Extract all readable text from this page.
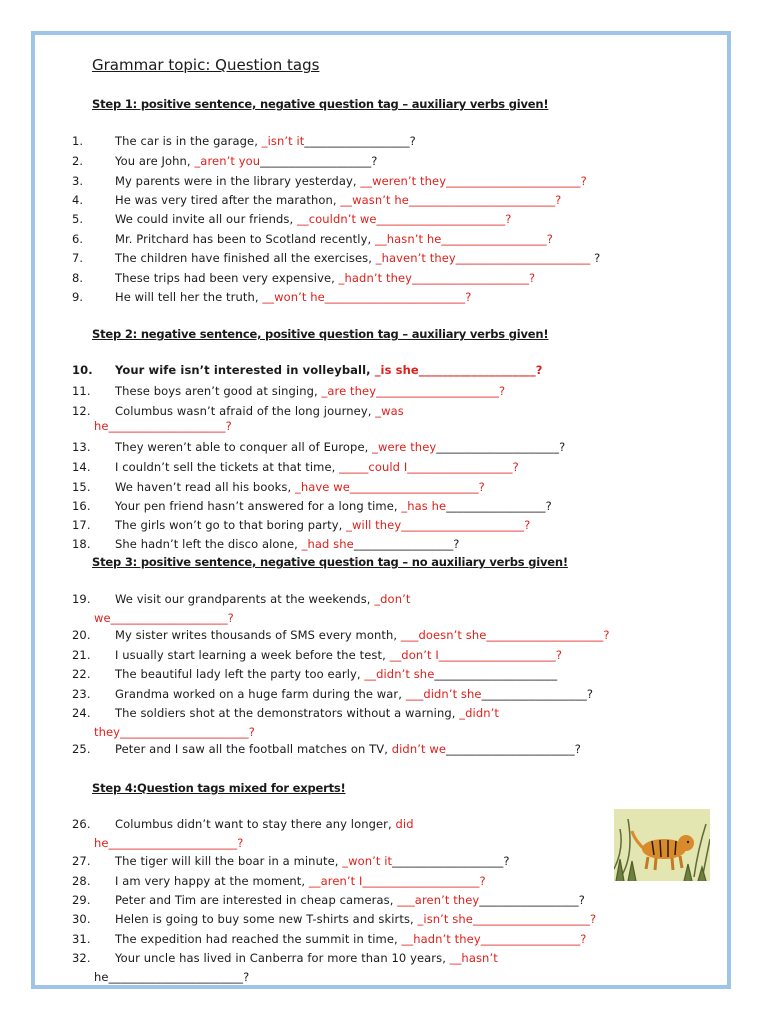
Grammar topic: Question tags
Step 1: positive sentence, negative question tag – auxiliary verbs given!
Step 2: negative sentence, positive question tag – auxiliary verbs given!
Step 3: positive sentence, negative question tag – no auxiliary verbs given!
Step 4:Question tags mixed for experts!
1.	The car is in the garage, _isn’t it__________________?
2.	You are John, _aren’t you___________________?
3.	My parents were in the library yesterday, __weren’t they_______________________?
4.	He was very tired after the marathon, __wasn’t he_________________________?
5.	We could invite all our friends, __couldn’t we______________________?
6.	Mr. Pritchard has been to Scotland recently, __hasn’t he__________________?
7.	The children have finished all the exercises, _haven’t they_______________________ ?
8.	These trips had been very expensive, _hadn’t they____________________?
9.	He will tell her the truth, __won’t he________________________?
10. Your wife isn’t interested in volleyball, _is she____________________?
11. These boys aren’t good at singing, _are they_____________________?
12. Columbus wasn’t afraid of the long journey, _was
he____________________?
13. They weren’t able to conquer all of Europe, _were they_____________________?
14. I couldn’t sell the tickets at that time, _____could I__________________?
15. We haven’t read all his books, _have we______________________?
16. Your pen friend hasn’t answered for a long time, _has he_________________?
17. The girls won’t go to that boring party, _will they_____________________?
18. She hadn’t left the disco alone, _had she_________________?
19. We visit our grandparents at the weekends, _don’t
we____________________?
20. My sister writes thousands of SMS every month, ___doesn’t she____________________?
21. I usually start learning a week before the test, __don’t I____________________?
22. The beautiful lady left the party too early, __didn’t she_____________________
23. Grandma worked on a huge farm during the war, ___didn’t she__________________?
24. The soldiers shot at the demonstrators without a warning, _didn’t
they______________________?
25. Peter and I saw all the football matches on TV, didn’t we______________________?
26. Columbus didn’t want to stay there any longer, did
he______________________?
27. The tiger will kill the boar in a minute, _won’t it___________________?
28. I am very happy at the moment, __aren’t I____________________?
29. Peter and Tim are interested in cheap cameras, ___aren’t they_________________?
30. Helen is going to buy some new T-shirts and skirts, _isn’t she____________________?
31. The expedition had reached the summit in time, __hadn’t they_________________?
32. Your uncle has lived in Canberra for more than 10 years, __hasn’t
he_______________________?
